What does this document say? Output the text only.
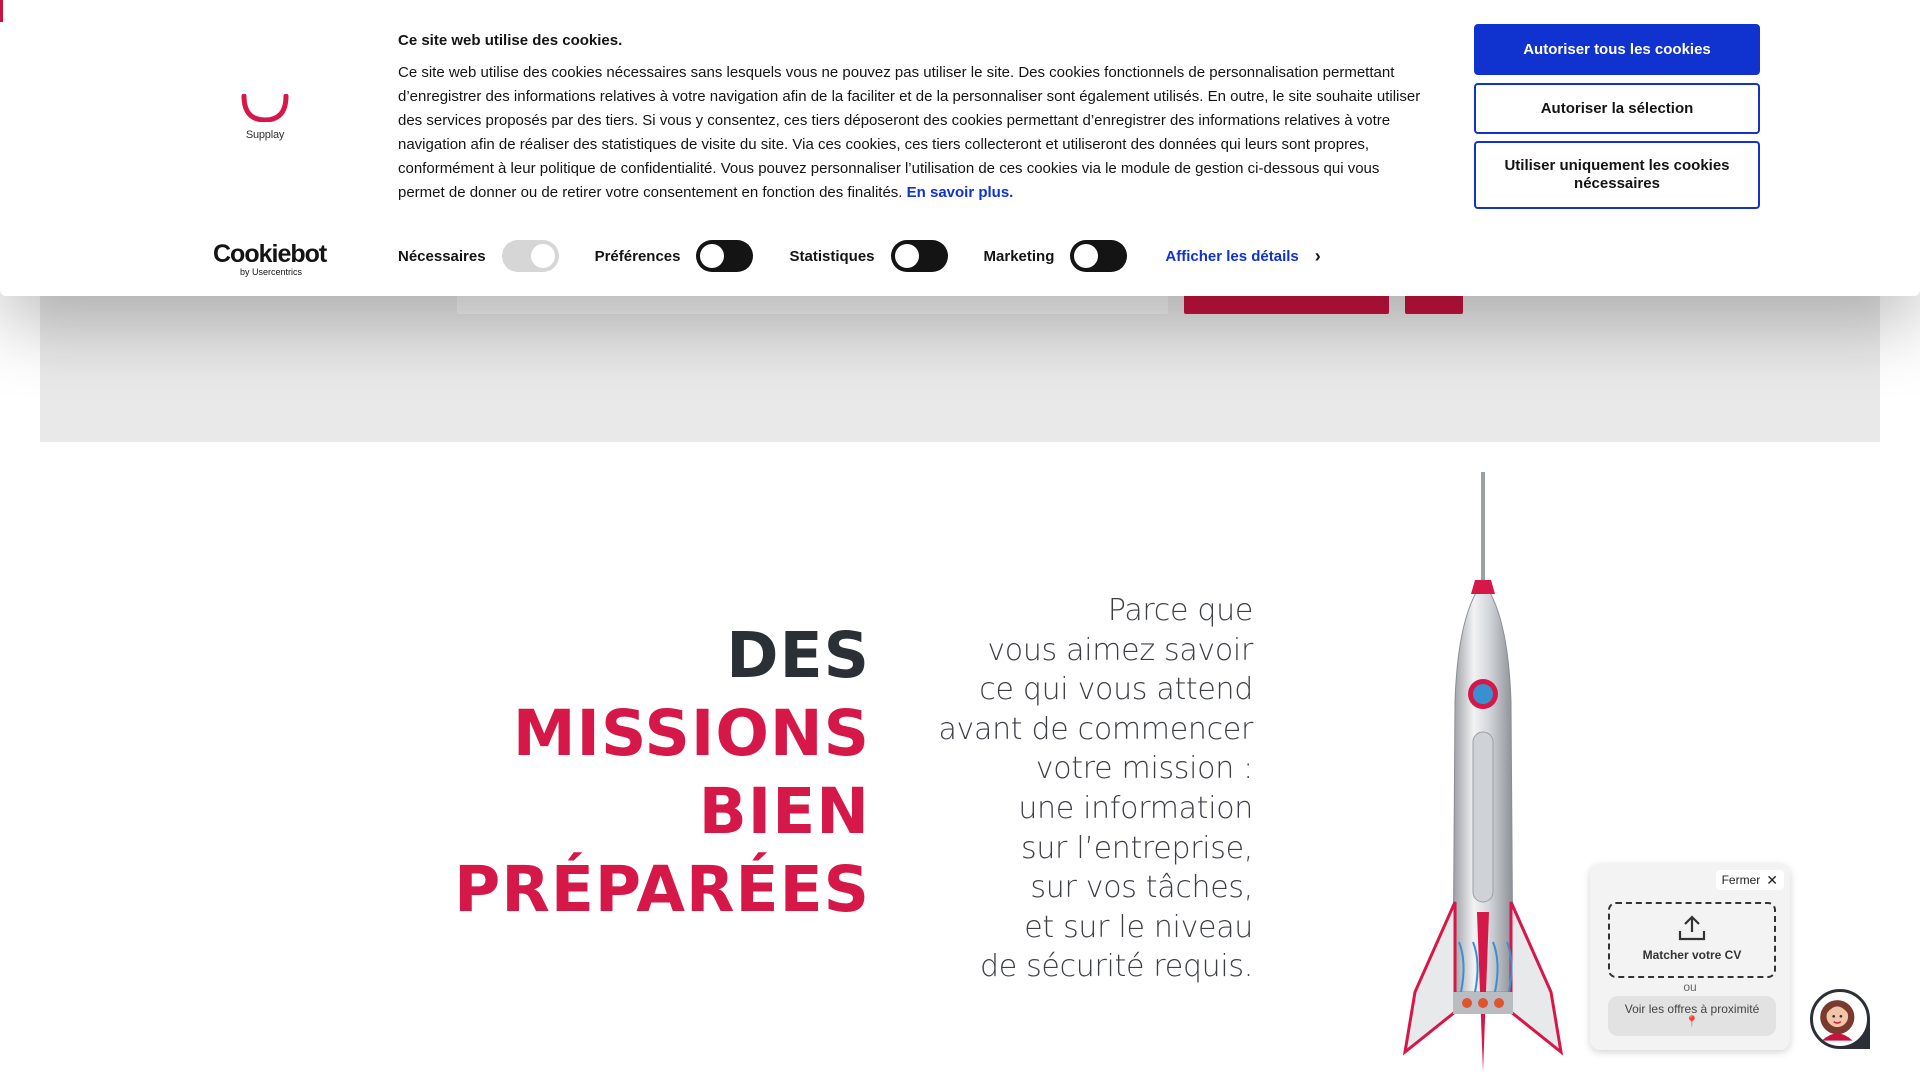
DES
MISSIONS
BIEN
PRÉPARÉES
Parce que
vous aimez savoir
ce qui vous attend
avant de commencer
votre mission :
une information
sur l’entreprise,
sur vos tâches,
et sur le niveau
de sécurité requis.
Fermer ✕
Matcher votre CV
ou
Voir les offres à proximité
📍
Supplay
Cookiebot
by Usercentrics
Ce site web utilise des cookies.
Ce site web utilise des cookies nécessaires sans lesquels vous ne pouvez pas utiliser le site. Des cookies fonctionnels de personnalisation permettant d’enregistrer des informations relatives à votre navigation afin de la faciliter et de la personnaliser sont également utilisés. En outre, le site souhaite utiliser des services proposés par des tiers. Si vous y consentez, ces tiers déposeront des cookies permettant d’enregistrer des informations relatives à votre navigation afin de réaliser des statistiques de visite du site. Via ces cookies, ces tiers collecteront et utiliseront des données qui leurs sont propres, conformément à leur politique de confidentialité. Vous pouvez personnaliser l’utilisation de ces cookies via le module de gestion ci-dessous qui vous permet de donner ou de retirer votre consentement en fonction des finalités. En savoir plus.
Nécessaires	Préférences	Statistiques	Marketing	Afficher les détails ›
Autoriser tous les cookies
Autoriser la sélection
Utiliser uniquement les cookies nécessaires
